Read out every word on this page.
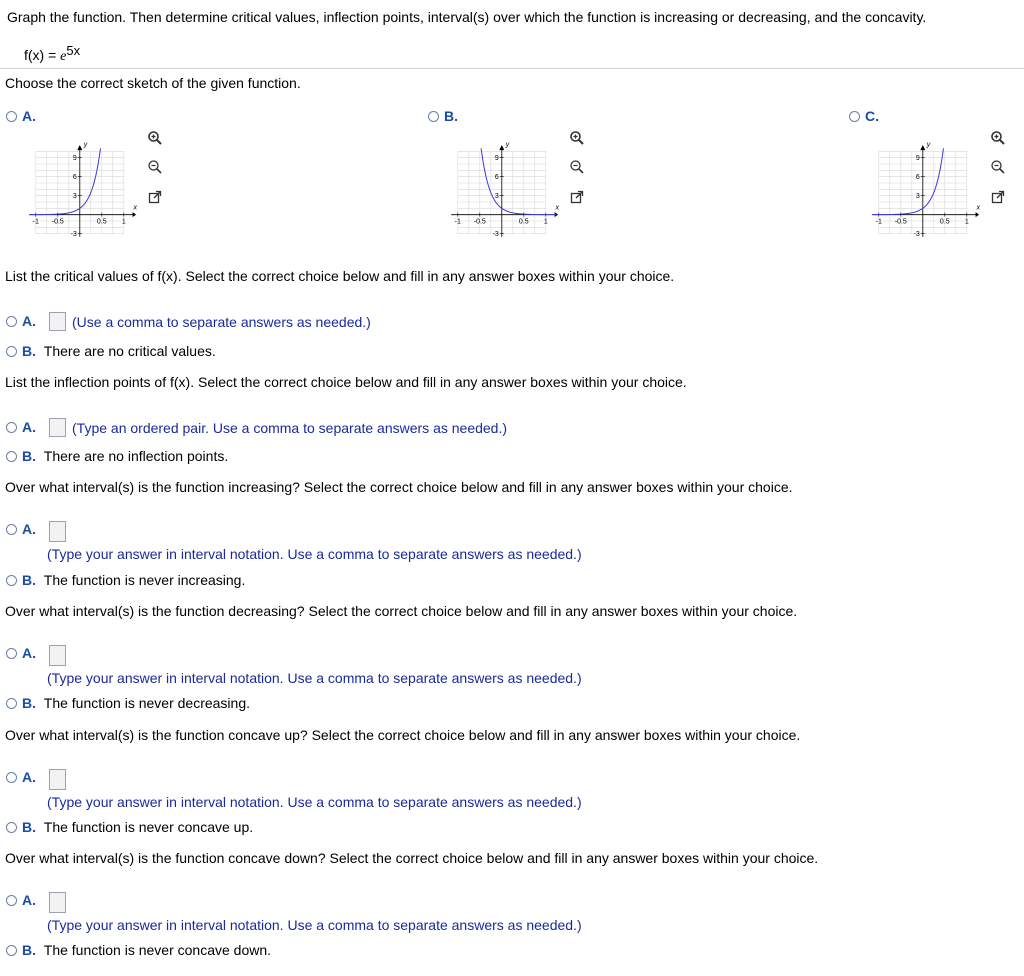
Graph the function. Then determine critical values, inflection points, interval(s) over which the function is increasing or decreasing, and the concavity.
$f(x) = e^{5x}$
Choose the correct sketch of the given function.
A.	B.	C.
y
x
9
6
3
-3
-1 -0.5	0.5 1
y
x
9
6
3
-3
-1 -0.5	0.5 1
y
x
9
6
3
-3
-1 -0.5	0.5 1
List the critical values of f(x). Select the correct choice below and fill in any answer boxes within your choice.
A.	(Use a comma to separate answers as needed.)
B. There are no critical values.
List the inflection points of f(x). Select the correct choice below and fill in any answer boxes within your choice.
A.	(Type an ordered pair. Use a comma to separate answers as needed.)
B. There are no inflection points.
Over what interval(s) is the function increasing? Select the correct choice below and fill in any answer boxes within your choice.
A.
(Type your answer in interval notation. Use a comma to separate answers as needed.)
B. The function is never increasing.
Over what interval(s) is the function decreasing? Select the correct choice below and fill in any answer boxes within your choice.
A.
(Type your answer in interval notation. Use a comma to separate answers as needed.)
B. The function is never decreasing.
Over what interval(s) is the function concave up? Select the correct choice below and fill in any answer boxes within your choice.
A.
(Type your answer in interval notation. Use a comma to separate answers as needed.)
B. The function is never concave up.
Over what interval(s) is the function concave down? Select the correct choice below and fill in any answer boxes within your choice.
A.
(Type your answer in interval notation. Use a comma to separate answers as needed.)
B. The function is never concave down.
